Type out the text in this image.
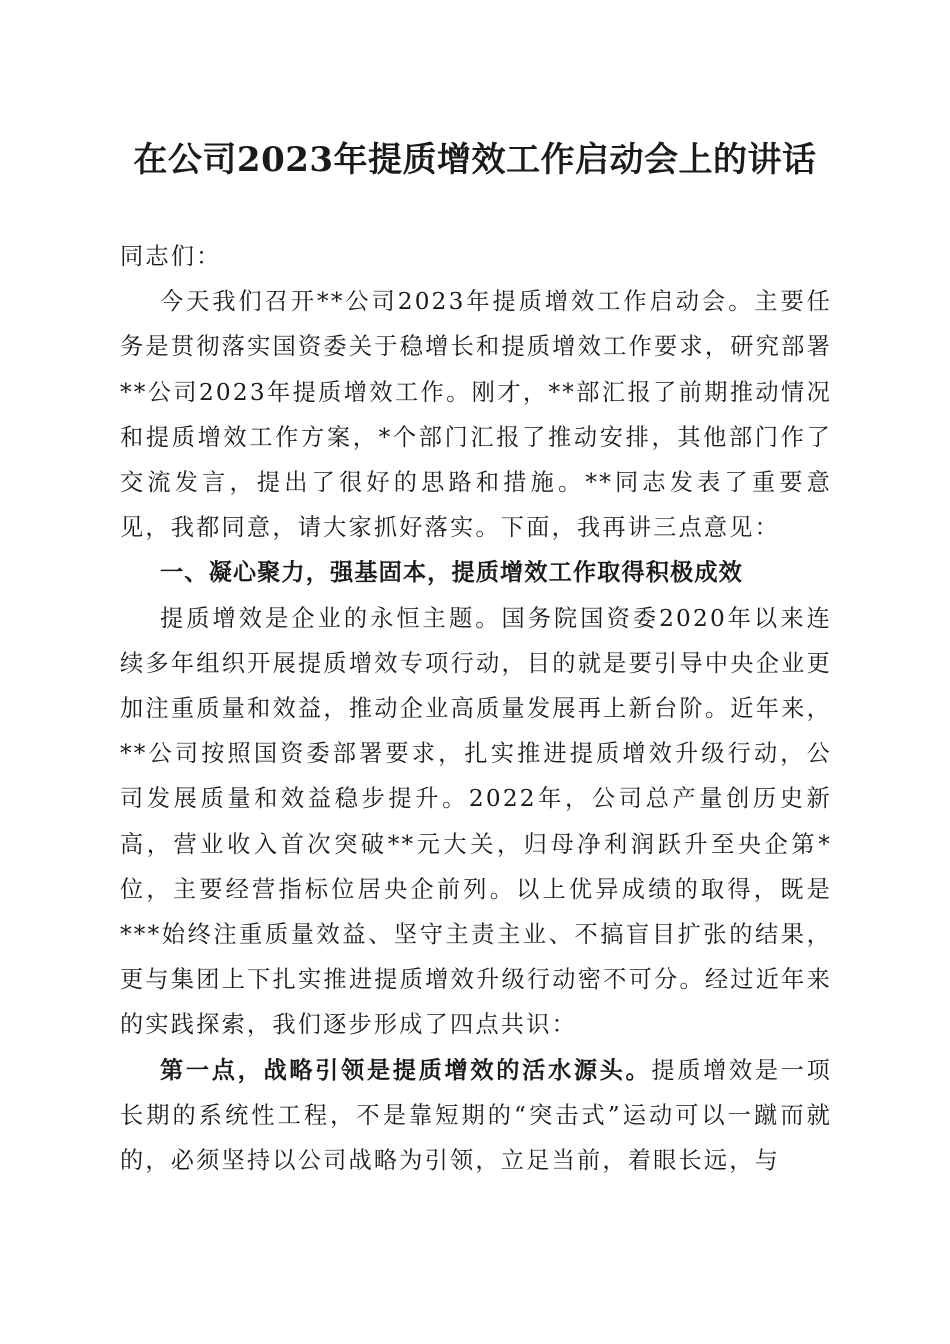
在公司2023年提质增效工作启动会上的讲话

同志们：

今天我们召开**公司2023年提质增效工作启动会。主要任务是贯彻落实国资委关于稳增长和提质增效工作要求，研究部署**公司2023年提质增效工作。刚才，**部汇报了前期推动情况和提质增效工作方案，*个部门汇报了推动安排，其他部门作了交流发言，提出了很好的思路和措施。**同志发表了重要意见，我都同意，请大家抓好落实。下面，我再讲三点意见：

一、凝心聚力，强基固本，提质增效工作取得积极成效

提质增效是企业的永恒主题。国务院国资委2020年以来连续多年组织开展提质增效专项行动，目的就是要引导中央企业更加注重质量和效益，推动企业高质量发展再上新台阶。近年来，**公司按照国资委部署要求，扎实推进提质增效升级行动，公司发展质量和效益稳步提升。2022年，公司总产量创历史新高，营业收入首次突破**元大关，归母净利润跃升至央企第*位，主要经营指标位居央企前列。以上优异成绩的取得，既是***始终注重质量效益、坚守主责主业、不搞盲目扩张的结果，更与集团上下扎实推进提质增效升级行动密不可分。经过近年来的实践探索，我们逐步形成了四点共识：

第一点，战略引领是提质增效的活水源头。提质增效是一项长期的系统性工程，不是靠短期的“突击式”运动可以一蹴而就的，必须坚持以公司战略为引领，立足当前，着眼长远，与
